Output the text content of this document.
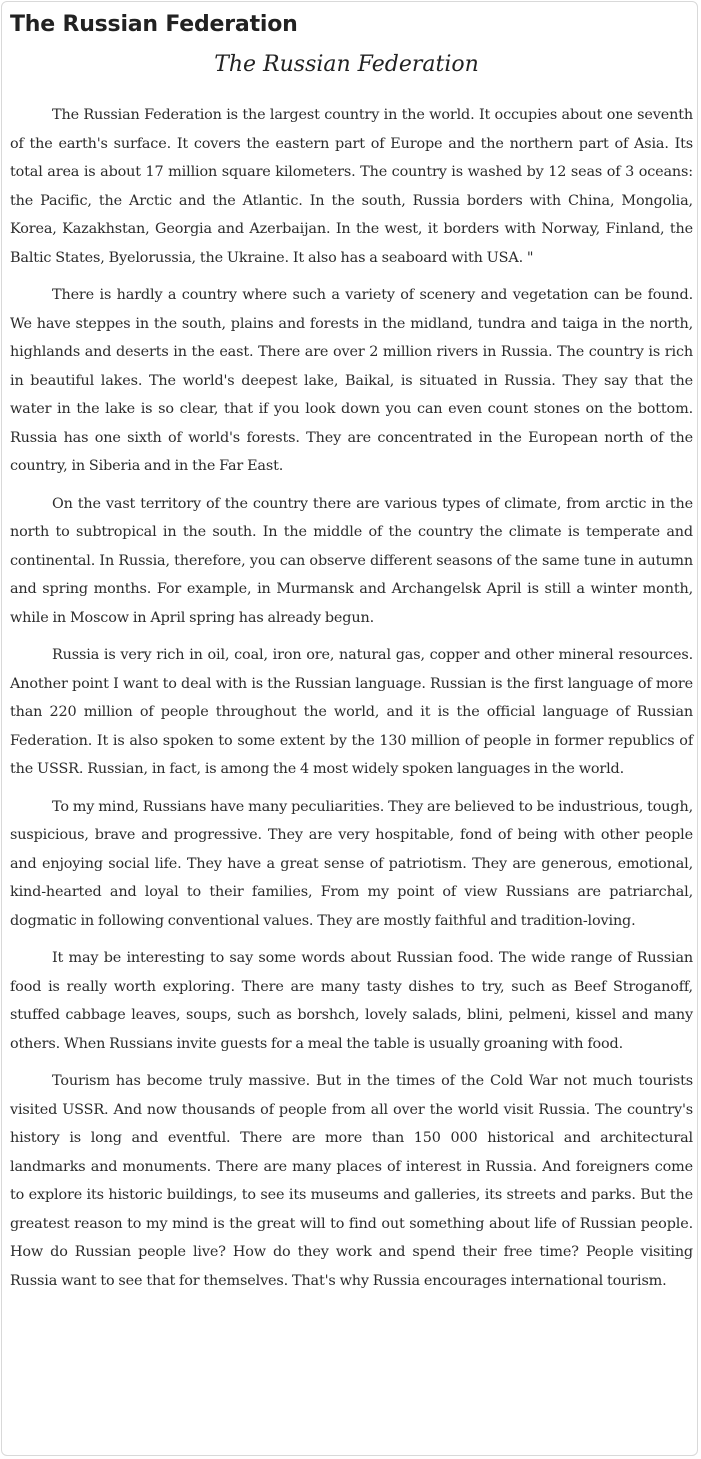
The Russian Federation
The Russian Federation

The Russian Federation is the largest country in the world. It occupies about one seventh of the earth's surface. It covers the eastern part of Europe and the northern part of Asia. Its total area is about 17 million square kilometers. The country is washed by 12 seas of 3 oceans: the Pacific, the Arctic and the Atlantic. In the south, Russia borders with China, Mongolia, Korea, Kazakhstan, Georgia and Azerbaijan. In the west, it borders with Norway, Finland, the Baltic States, Byelorussia, the Ukraine. It also has a seaboard with USA. "

There is hardly a country where such a variety of scenery and vegetation can be found. We have steppes in the south, plains and forests in the midland, tundra and taiga in the north, highlands and deserts in the east. There are over 2 million rivers in Russia. The country is rich in beautiful lakes. The world's deepest lake, Baikal, is situated in Russia. They say that the water in the lake is so clear, that if you look down you can even count stones on the bottom. Russia has one sixth of world's forests. They are concentrated in the European north of the country, in Siberia and in the Far East.

On the vast territory of the country there are various types of climate, from arctic in the north to subtropical in the south. In the middle of the country the climate is temperate and continental. In Russia, therefore, you can observe different seasons of the same tune in autumn and spring months. For example, in Murmansk and Archangelsk April is still a winter month, while in Moscow in April spring has already begun.

Russia is very rich in oil, coal, iron ore, natural gas, copper and other mineral resources. Another point I want to deal with is the Russian language. Russian is the first language of more than 220 million of people throughout the world, and it is the official language of Russian Federation. It is also spoken to some extent by the 130 million of people in former republics of the USSR. Russian, in fact, is among the 4 most widely spoken languages in the world.

To my mind, Russians have many peculiarities. They are believed to be industrious, tough, suspicious, brave and progressive. They are very hospitable, fond of being with other people and enjoying social life. They have a great sense of patriotism. They are generous, emotional, kind-hearted and loyal to their families, From my point of view Russians are patriarchal, dogmatic in following conventional values. They are mostly faithful and tradition-loving.

It may be interesting to say some words about Russian food. The wide range of Russian food is really worth exploring. There are many tasty dishes to try, such as Beef Stroganoff, stuffed cabbage leaves, soups, such as borshch, lovely salads, blini, pelmeni, kissel and many others. When Russians invite guests for a meal the table is usually groaning with food.

Tourism has become truly massive. But in the times of the Cold War not much tourists visited USSR. And now thousands of people from all over the world visit Russia. The country's history is long and eventful. There are more than 150 000 historical and architectural landmarks and monuments. There are many places of interest in Russia. And foreigners come to explore its historic buildings, to see its museums and galleries, its streets and parks. But the greatest reason to my mind is the great will to find out something about life of Russian people. How do Russian people live? How do they work and spend their free time? People visiting Russia want to see that for themselves. That's why Russia encourages international tourism.
